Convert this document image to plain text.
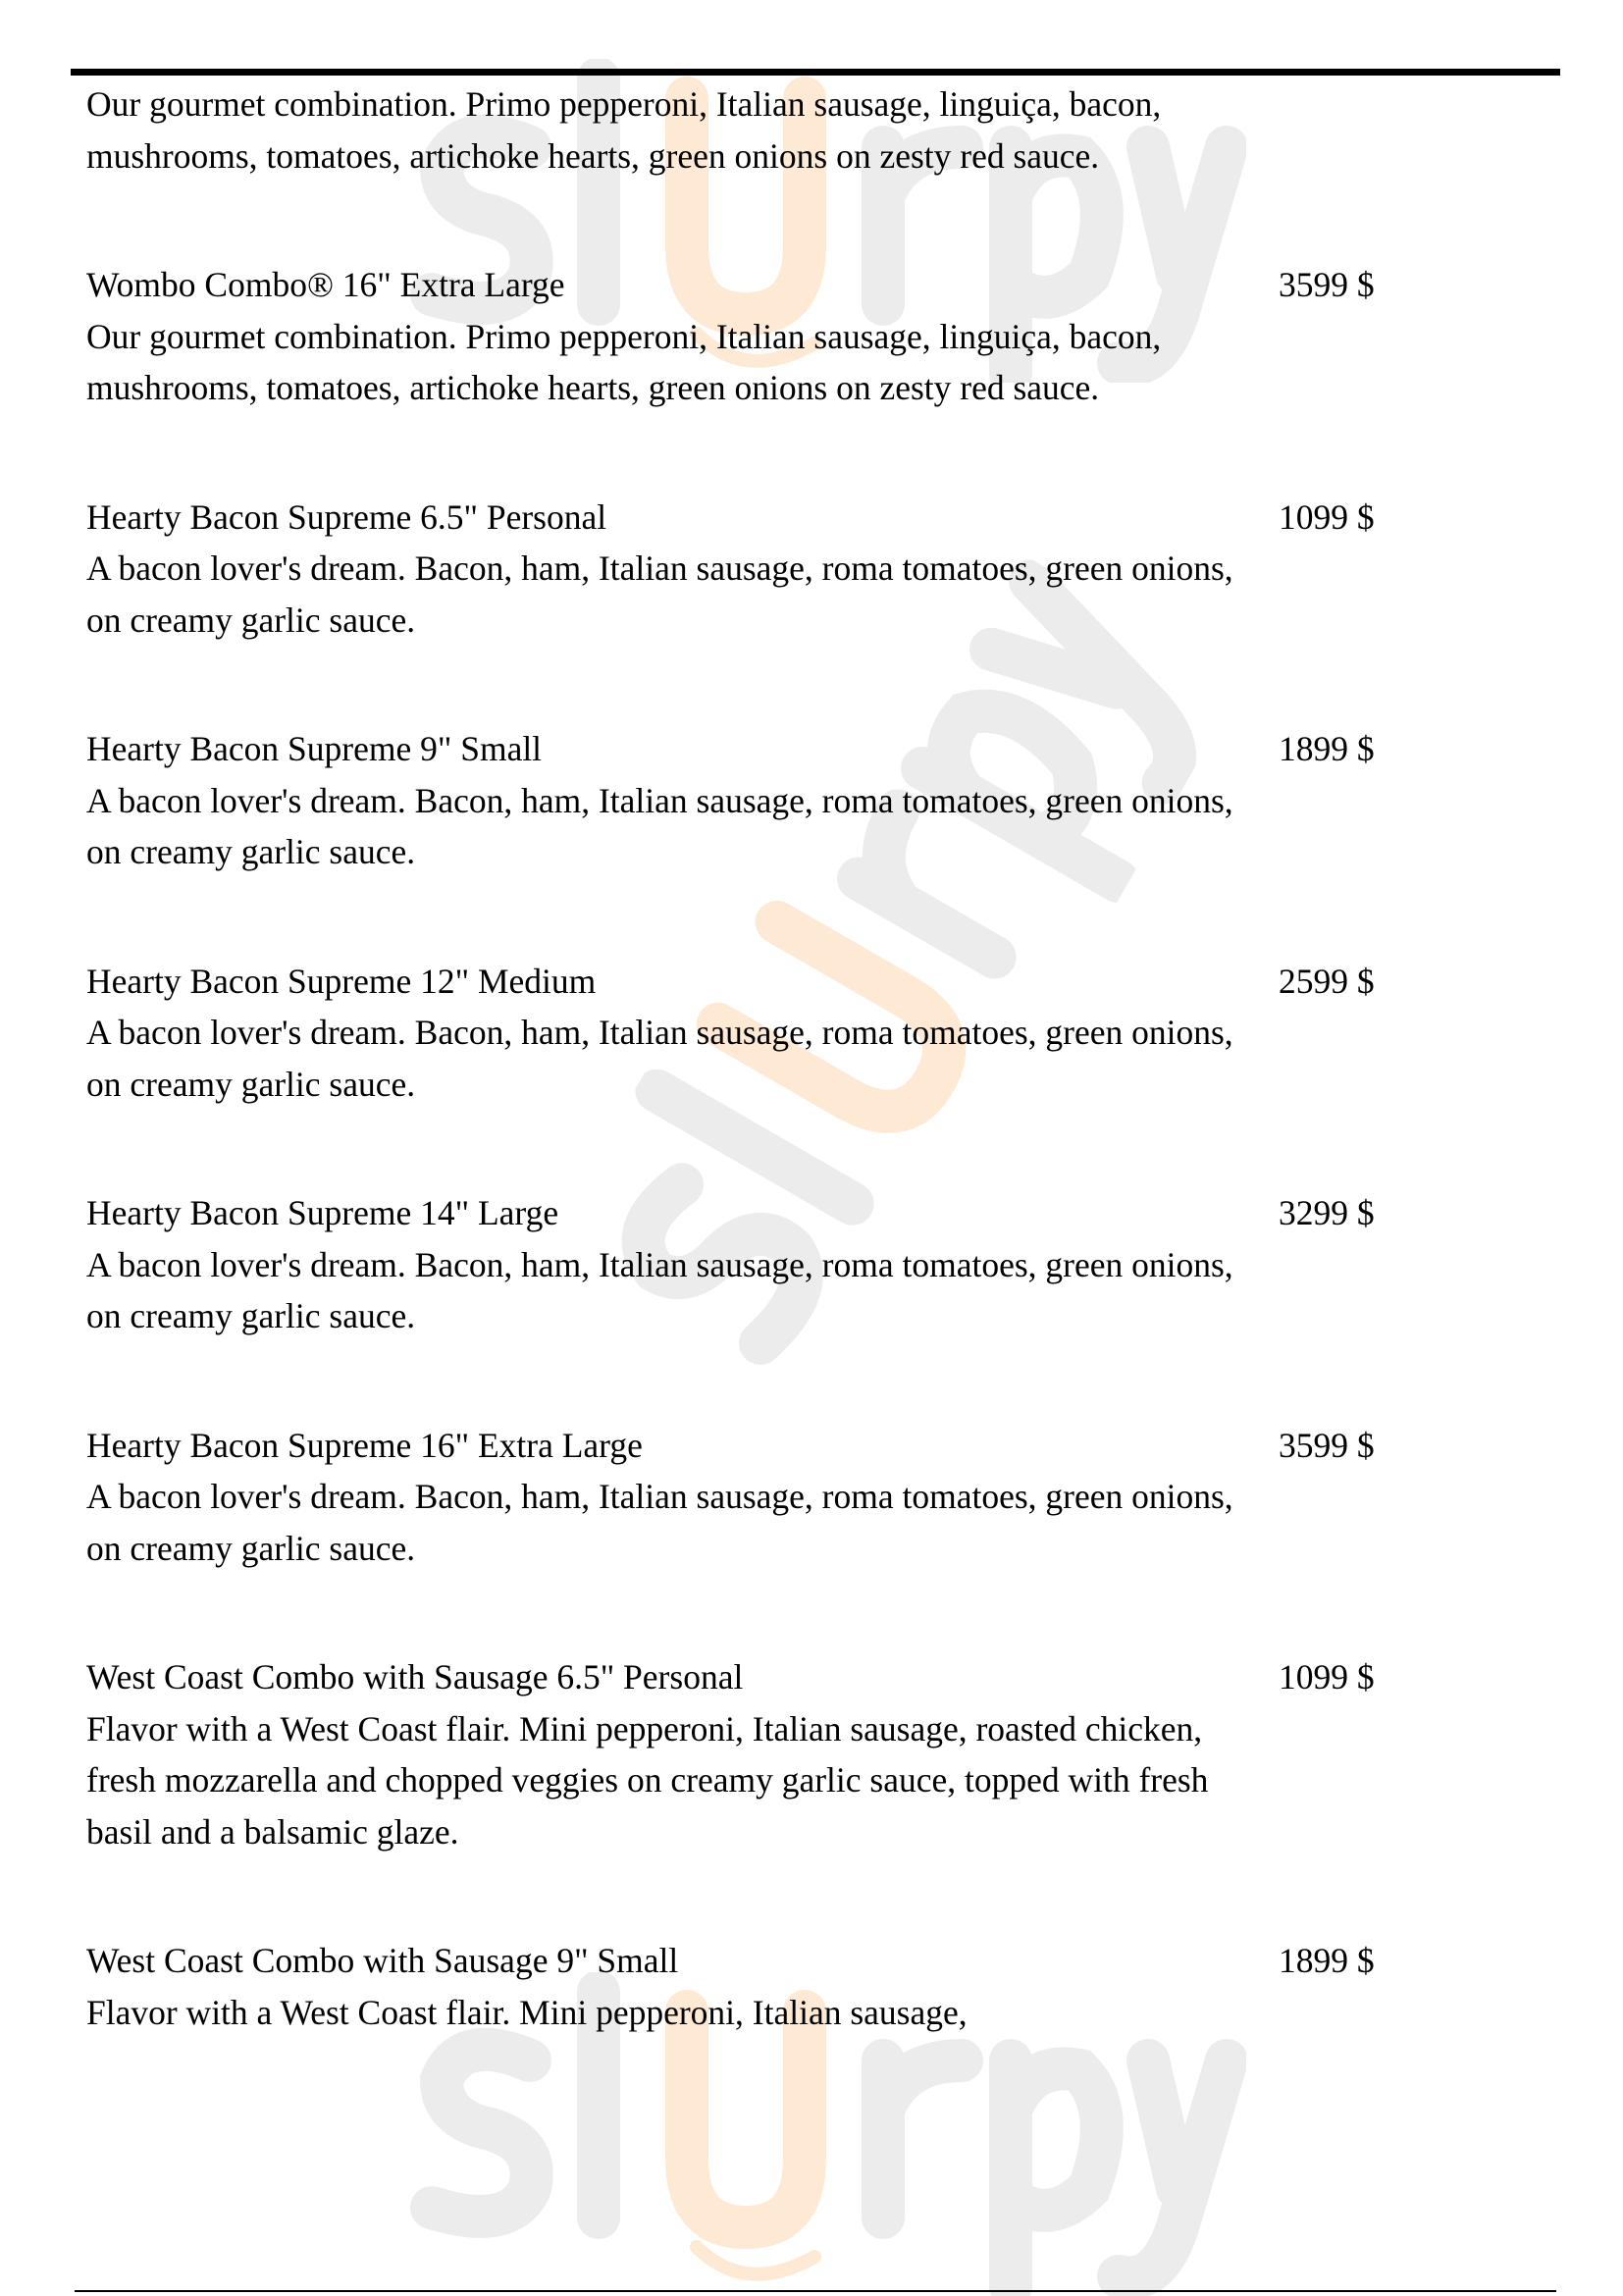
Our gourmet combination. Primo pepperoni, Italian sausage, linguiça, bacon, mushrooms, tomatoes, artichoke hearts, green onions on zesty red sauce.
Wombo Combo® 16" Extra Large
Our gourmet combination. Primo pepperoni, Italian sausage, linguiça, bacon, mushrooms, tomatoes, artichoke hearts, green onions on zesty red sauce.
3599 $
Hearty Bacon Supreme 6.5" Personal
A bacon lover's dream. Bacon, ham, Italian sausage, roma tomatoes, green onions, on creamy garlic sauce.
1099 $
Hearty Bacon Supreme 9" Small
A bacon lover's dream. Bacon, ham, Italian sausage, roma tomatoes, green onions, on creamy garlic sauce.
1899 $
Hearty Bacon Supreme 12" Medium
A bacon lover's dream. Bacon, ham, Italian sausage, roma tomatoes, green onions, on creamy garlic sauce.
2599 $
Hearty Bacon Supreme 14" Large
A bacon lover's dream. Bacon, ham, Italian sausage, roma tomatoes, green onions, on creamy garlic sauce.
3299 $
Hearty Bacon Supreme 16" Extra Large
A bacon lover's dream. Bacon, ham, Italian sausage, roma tomatoes, green onions, on creamy garlic sauce.
3599 $
West Coast Combo with Sausage 6.5" Personal
Flavor with a West Coast flair. Mini pepperoni, Italian sausage, roasted chicken, fresh mozzarella and chopped veggies on creamy garlic sauce, topped with fresh basil and a balsamic glaze.
1099 $
West Coast Combo with Sausage 9" Small
Flavor with a West Coast flair. Mini pepperoni, Italian sausage,
1899 $
